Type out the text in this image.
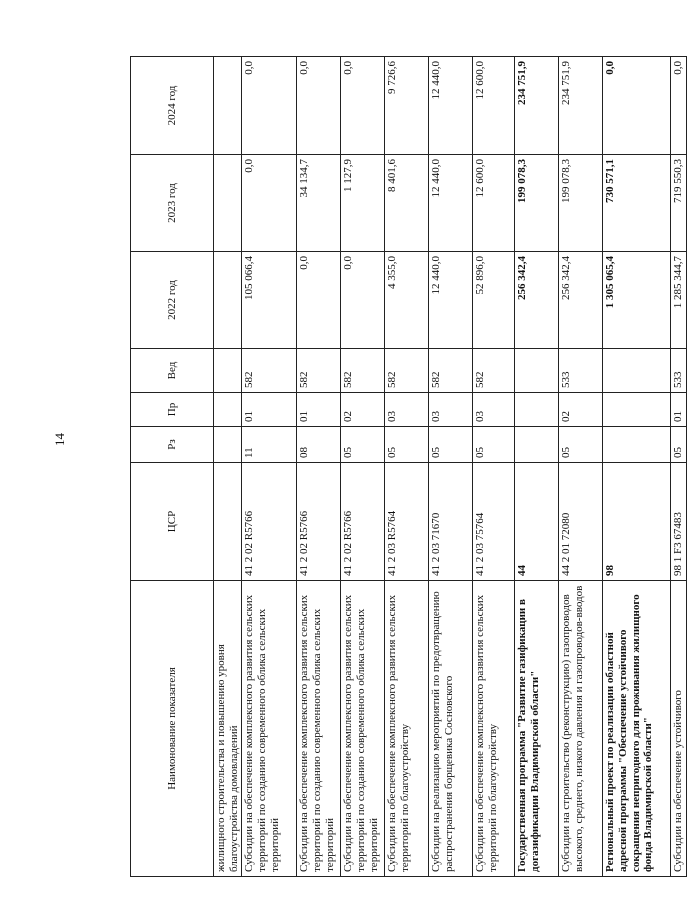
14
Наимонование показателя	ЦСР	Рз	Пр	Вед	2022 год	2023 год	2024 год
жилищного строительства и повышению уровня благоустройства домовладений							
Субсидии на обеспечение комплексного развития сельских территорий по созданию современного облика сельских территорий	41 2 02 R5766	11	01	582	105 066,4	0,0	0,0
Субсидии на обеспечение комплексного развития сельских территорий по созданию современного облика сельских территорий	41 2 02 R5766	08	01	582	0,0	34 134,7	0,0
Субсидии на обеспечение комплексного развития сельских территорий по созданию современного облика сельских территорий	41 2 02 R5766	05	02	582	0,0	1 127,9	0,0
Субсидии на обеспечение комплексного развития сельских территорий по благоустройству	41 2 03 R5764	05	03	582	4 355,0	8 401,6	9 726,6
Субсидии на реализацию мероприятий по предотвращению распространения борщевика Сосновского	41 2 03 71670	05	03	582	12 440,0	12 440,0	12 440,0
Субсидии на обеспечение комплексного развития сельских территорий по благоустройству	41 2 03 75764	05	03	582	52 896,0	12 600,0	12 600,0
Государственная программа "Развитие газификации в догазификации Владимирской области"	44				256 342,4	199 078,3	234 751,9
Субсидии на строительство (реконструкцию) газопроводов высокого, среднего, низкого давления и газопроводов-вводов	44 2 01 72080	05	02	533	256 342,4	199 078,3	234 751,9
Региональный проект по реализации областной адресной программы "Обеспечение устойчивого сокращения непригодного для проживания жилищного фонда Владимирской области"	98				1 305 065,4	730 571,1	0,0
Субсидии на обеспечение устойчивого	98 1 F3 67483	05	01	533	1 285 344,7	719 550,3	0,0
